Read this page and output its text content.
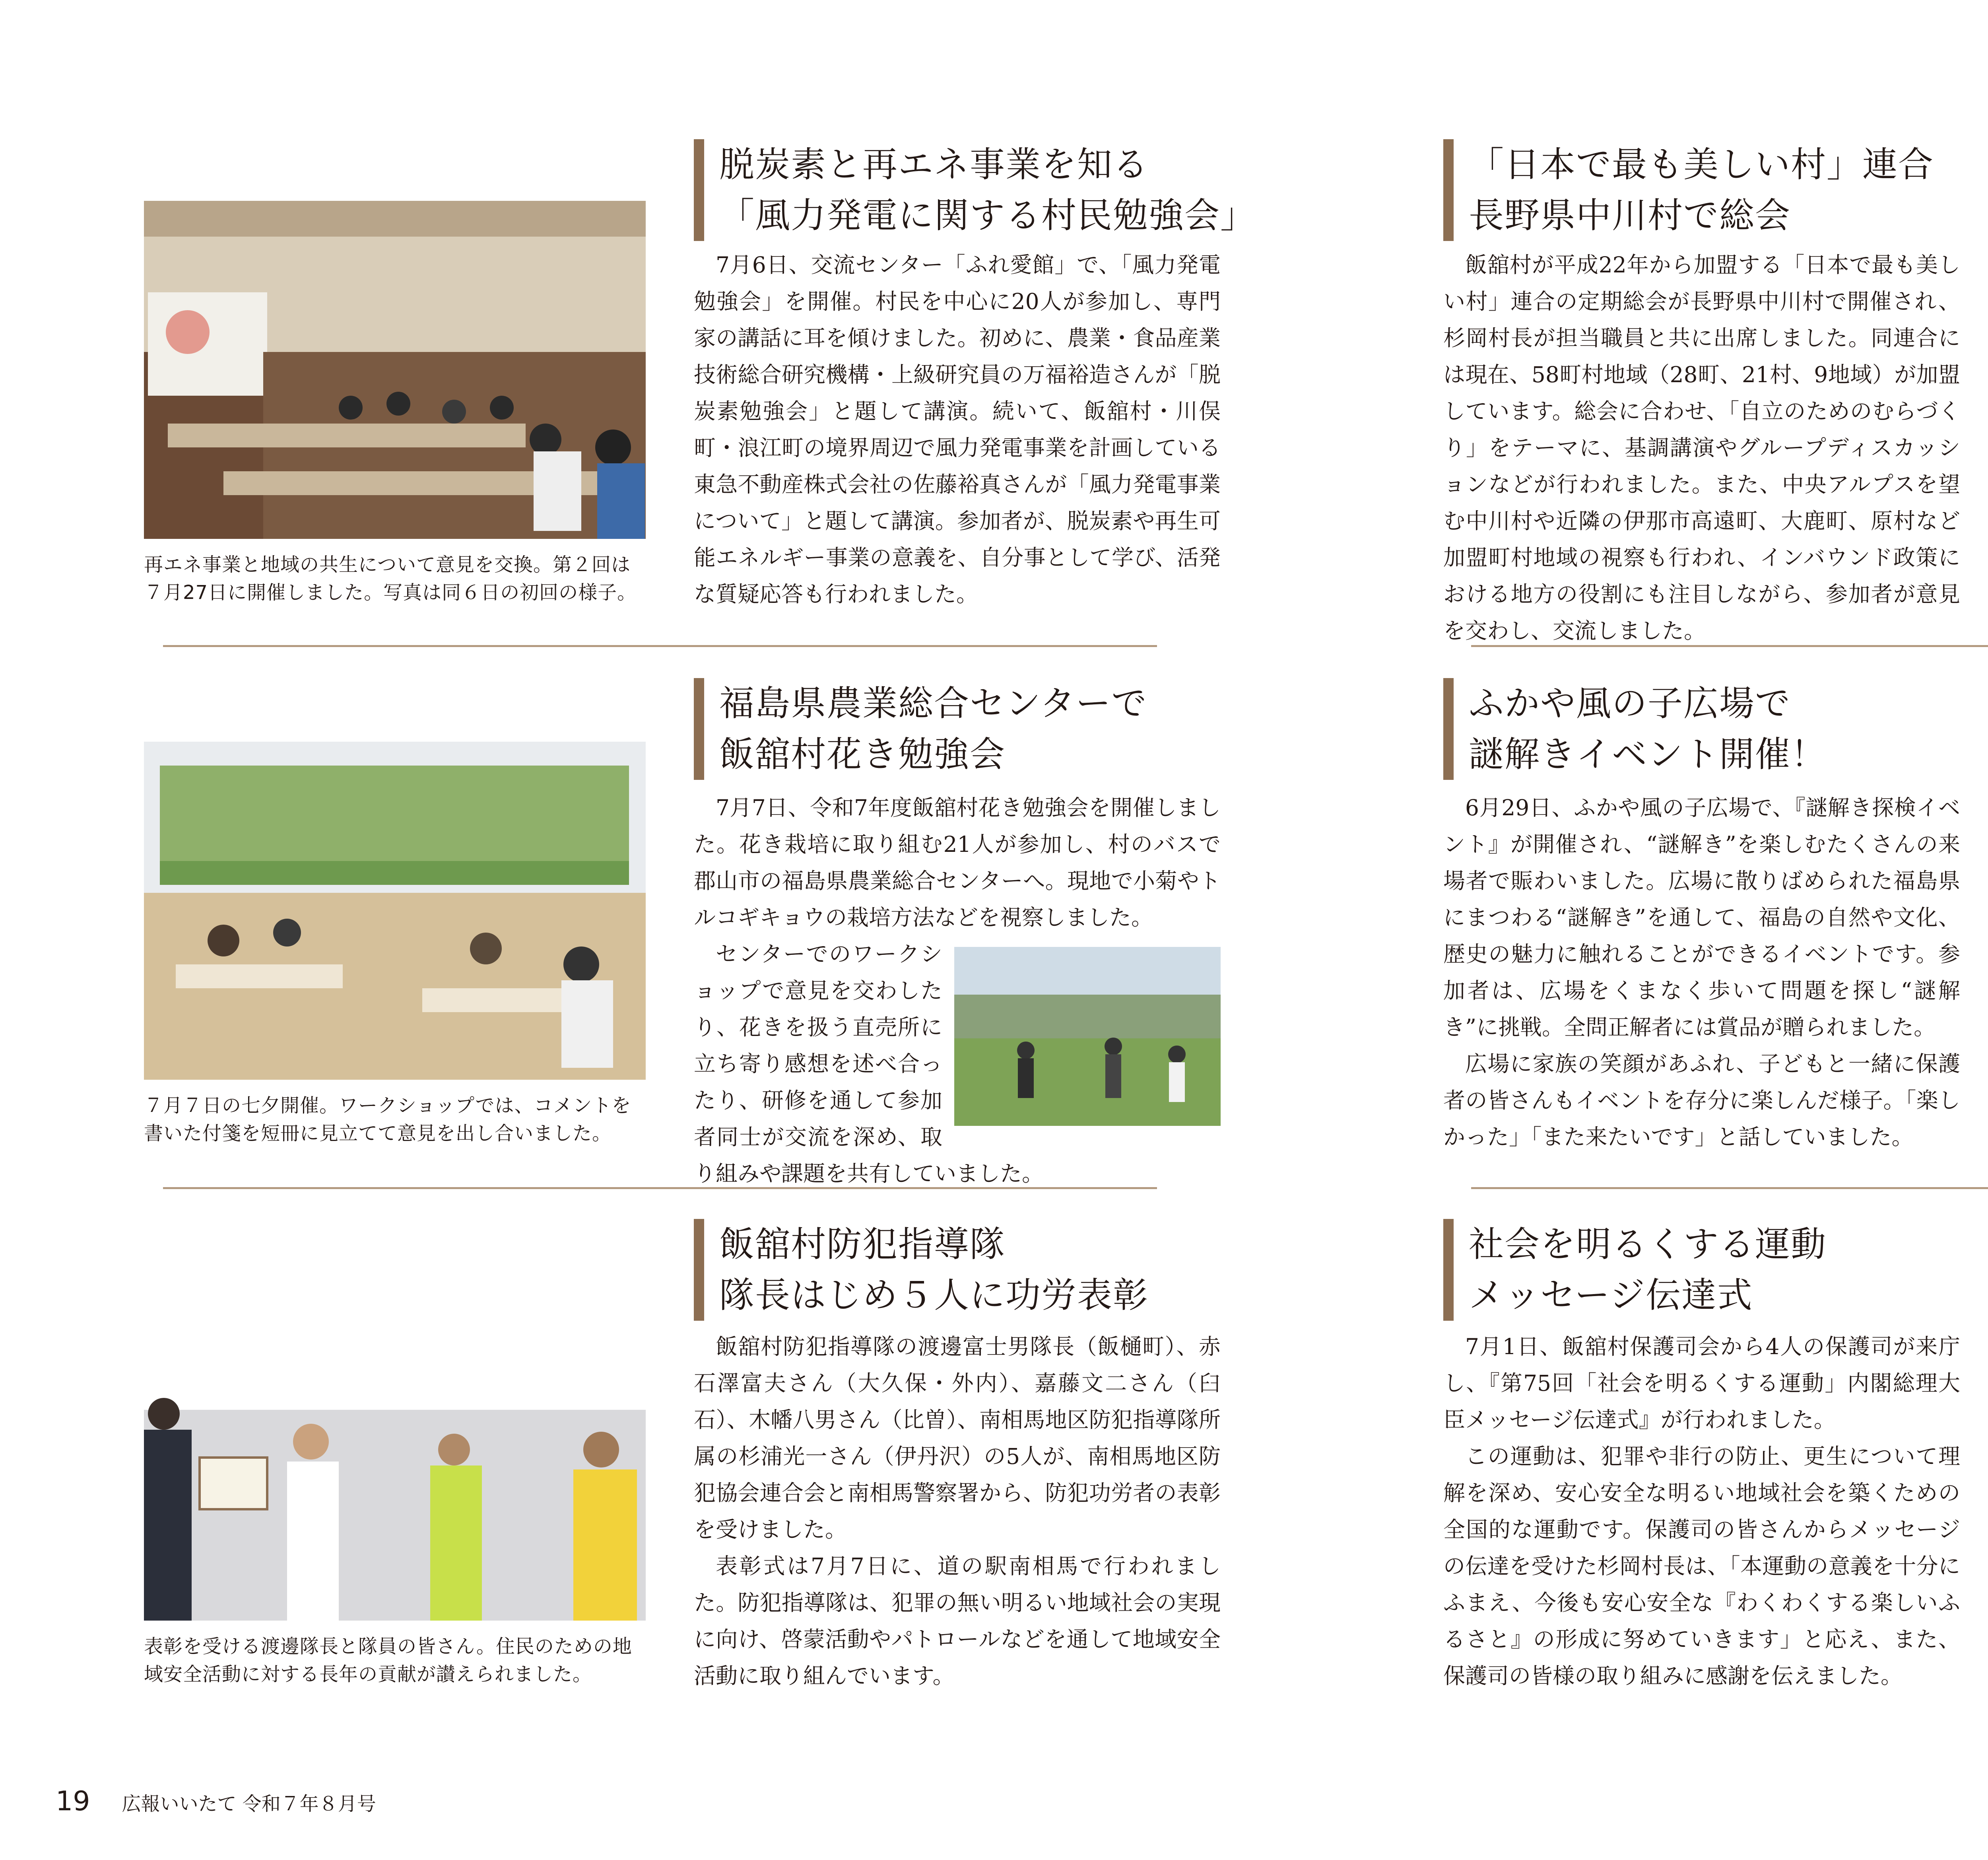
再エネ事業と地域の共生について意見を交換。第２回は７月27日に開催しました。写真は同６日の初回の様子。
脱炭素と再エネ事業を知る
「風力発電に関する村民勉強会」

7月6日、交流センター「ふれ愛館」で、「風力発電勉強会」を開催。村民を中心に20人が参加し、専門家の講話に耳を傾けました。初めに、農業・食品産業技術総合研究機構・上級研究員の万福裕造さんが「脱炭素勉強会」と題して講演。続いて、飯舘村・川俣町・浪江町の境界周辺で風力発電事業を計画している東急不動産株式会社の佐藤裕真さんが「風力発電事業について」と題して講演。参加者が、脱炭素や再生可能エネルギー事業の意義を、自分事として学び、活発な質疑応答も行われました。

「日本で最も美しい村」連合
長野県中川村で総会

飯舘村が平成22年から加盟する「日本で最も美しい村」連合の定期総会が長野県中川村で開催され、杉岡村長が担当職員と共に出席しました。同連合には現在、58町村地域（28町、21村、9地域）が加盟しています。総会に合わせ、「自立のためのむらづくり」をテーマに、基調講演やグループディスカッションなどが行われました。また、中央アルプスを望む中川村や近隣の伊那市高遠町、大鹿町、原村など加盟町村地域の視察も行われ、インバウンド政策における地方の役割にも注目しながら、参加者が意見を交わし、交流しました。

７月７日の七夕開催。ワークショップでは、コメントを書いた付箋を短冊に見立てて意見を出し合いました。
福島県農業総合センターで
飯舘村花き勉強会

7月7日、令和7年度飯舘村花き勉強会を開催しました。花き栽培に取り組む21人が参加し、村のバスで郡山市の福島県農業総合センターへ。現地で小菊やトルコギキョウの栽培方法などを視察しました。

センターでのワークショップで意見を交わしたり、花きを扱う直売所に立ち寄り感想を述べ合ったり、研修を通して参加者同士が交流を深め、取り組みや課題を共有していました。

ふかや風の子広場で
謎解きイベント開催！

6月29日、ふかや風の子広場で、『謎解き探検イベント』が開催され、“謎解き”を楽しむたくさんの来場者で賑わいました。広場に散りばめられた福島県にまつわる“謎解き”を通して、福島の自然や文化、歴史の魅力に触れることができるイベントです。参加者は、広場をくまなく歩いて問題を探し“謎解き”に挑戦。全問正解者には賞品が贈られました。

広場に家族の笑顔があふれ、子どもと一緒に保護者の皆さんもイベントを存分に楽しんだ様子。「楽しかった」「また来たいです」と話していました。

表彰を受ける渡邊隊長と隊員の皆さん。住民のための地域安全活動に対する長年の貢献が讃えられました。
飯舘村防犯指導隊
隊長はじめ５人に功労表彰

飯舘村防犯指導隊の渡邊富士男隊長（飯樋町）、赤石澤富夫さん（大久保・外内）、嘉藤文二さん（臼石）、木幡八男さん（比曽）、南相馬地区防犯指導隊所属の杉浦光一さん（伊丹沢）の5人が、南相馬地区防犯協会連合会と南相馬警察署から、防犯功労者の表彰を受けました。

表彰式は7月7日に、道の駅南相馬で行われました。防犯指導隊は、犯罪の無い明るい地域社会の実現に向け、啓蒙活動やパトロールなどを通して地域安全活動に取り組んでいます。

社会を明るくする運動
メッセージ伝達式

7月1日、飯舘村保護司会から4人の保護司が来庁し、『第75回「社会を明るくする運動」内閣総理大臣メッセージ伝達式』が行われました。

この運動は、犯罪や非行の防止、更生について理解を深め、安心安全な明るい地域社会を築くための全国的な運動です。保護司の皆さんからメッセージの伝達を受けた杉岡村長は、「本運動の意義を十分にふまえ、今後も安心安全な『わくわくする楽しいふるさと』の形成に努めていきます」と応え、また、保護司の皆様の取り組みに感謝を伝えました。

19 広報いいたて 令和７年８月号
